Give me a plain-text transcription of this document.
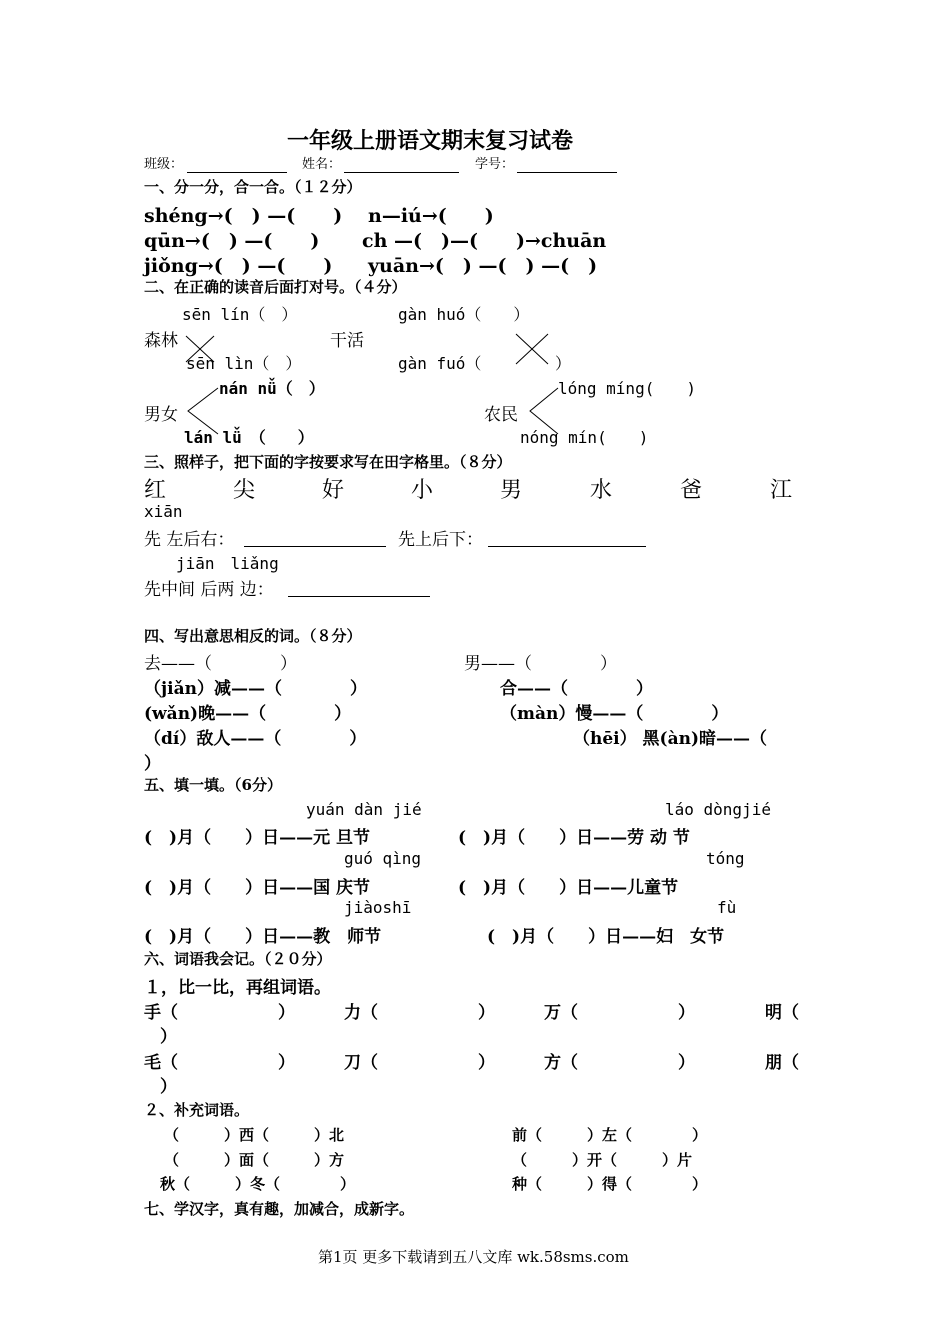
一年级上册语文期末复习试卷
班级：	姓名：	学号：
一、分一分，合一合。（１２分）
shéng→(　) —(　　) n—iú→(　　)
qūn→(　) —(　　) ch —(　)—(　　)→chuān
jiǒng→(　) —(　　) yuān→(　) —(　) —(　)
二、在正确的读音后面打对号。（４分）
sēn lín（　）	gàn huó（　　）
森林	干活
sēn lìn（　）	gàn fuó（	）
nán nǚ（　）	lóng míng(　　)
男女	农民
lán lǚ　（　　）	nóng mín(　　)
三、照样子，把下面的字按要求写在田字格里。（８分）
红	尖	好	小	男	水	爸	江
xiān
先 左后右：	先上后下：
jiān　liǎng
先中间 后两 边：
四、写出意思相反的词。（８分）
去——（　　　　）	男——（　　　　）
（jiǎn）减——（　　　　）	合——（　　　　）
(wǎn)晚——（　　　　）	（màn）慢——（　　　　）
（dí）敌人——（　　　　）	（hēi） 黑(àn)暗——（
）
五、填一填。（6分）
yuán dàn jié	láo dòngjié
(　)月（　　）日——元 旦节	(　)月（　　）日——劳 动 节
guó qìng	tóng
(　)月（　　）日——国 庆节	(　)月（　　）日——儿童节
jiàoshī	fù
(　)月（　　）日——教　师节	(　)月（　　）日——妇　女节
六、词语我会记。（２０分）
１，比一比，再组词语。
手（	）	力（	）	万（	）	明（
）
毛（	）	刀（	）	方（	）	朋（
）
２、补充词语。
（　　　）西（　　　）北	前（　　　）左（　　　　）
（　　　）面（　　　）方	（　　　）开（　　　）片
秋（　　　）冬（　　　　）	种（　　　）得（　　　　）
七、学汉字，真有趣，加减合，成新字。
第1页 更多下载请到五八文库 wk.58sms.com
